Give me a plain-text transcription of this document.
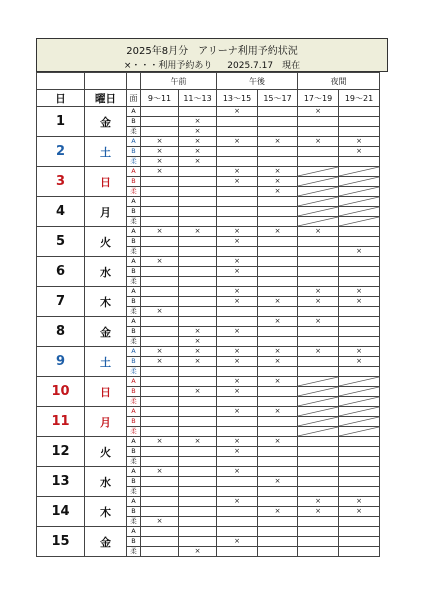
2025年8月分　アリーナ利用予約状況
×・・・利用予約あり 2025.7.17　現在
			午前		午後		夜間	
日	曜日	面	9～11	11～13	13～15	15～17	17～19	19～21
1	金	A			×		×	
		B		×				
		柔		×				
2	土	A	×	×	×	×	×	×
		B	×	×				×
		柔	×	×				
3	日	A	×		×	×	

		B			×	×	

		柔				×	

4	月	A					

		B					

		柔					

5	火	A	×	×	×	×	×	
		B			×			
		柔						×
6	水	A	×		×			
		B			×			
		柔						
7	木	A			×		×	×
		B			×	×	×	×
		柔	×					
8	金	A				×	×	
		B		×	×			
		柔		×				
9	土	A	×	×	×	×	×	×
		B	×	×	×	×		×
		柔						
10	日	A			×	×	

		B		×	×		

		柔					

11	月	A			×	×	

		B					

		柔					

12	火	A	×	×	×	×		
		B			×			
		柔						
13	水	A	×		×			
		B				×		
		柔						
14	木	A			×		×	×
		B				×	×	×
		柔	×					
15	金	A						
		B			×			
		柔		×				
